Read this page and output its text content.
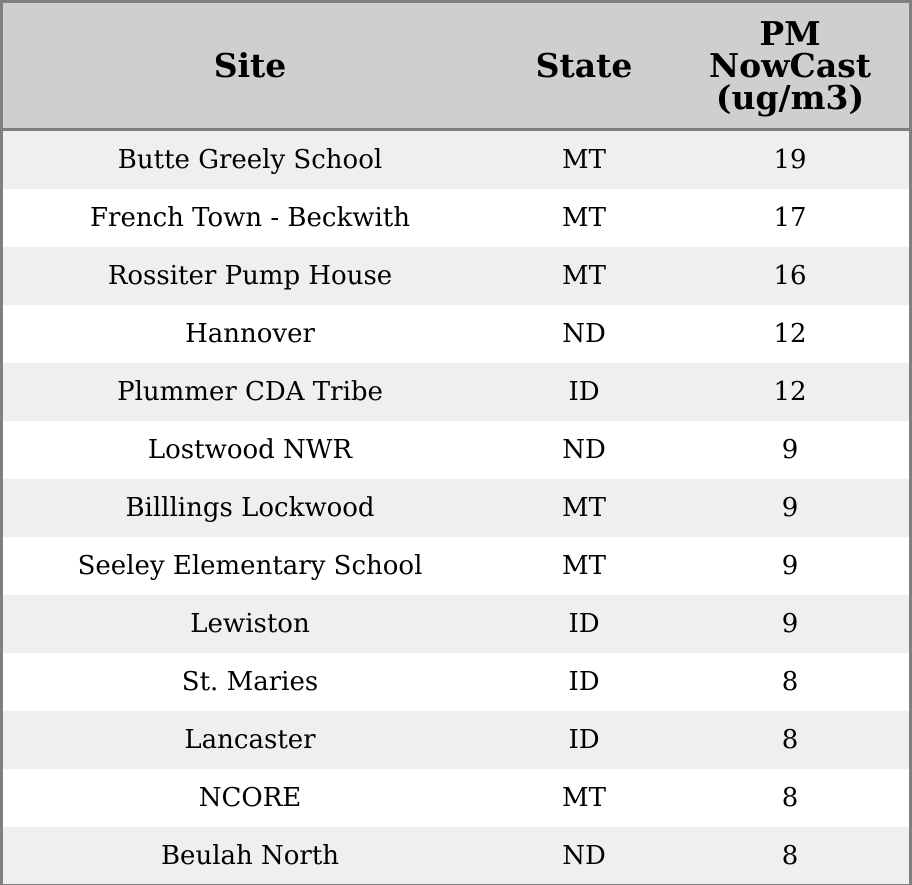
Site	State	PM
NowCast
(ug/m3)

Butte Greely School	MT	19
French Town - Beckwith	MT	17
Rossiter Pump House	MT	16
Hannover	ND	12
Plummer CDA Tribe	ID	12
Lostwood NWR	ND	9
Billlings Lockwood	MT	9
Seeley Elementary School	MT	9
Lewiston	ID	9
St. Maries	ID	8
Lancaster	ID	8
NCORE	MT	8
Beulah North	ND	8
